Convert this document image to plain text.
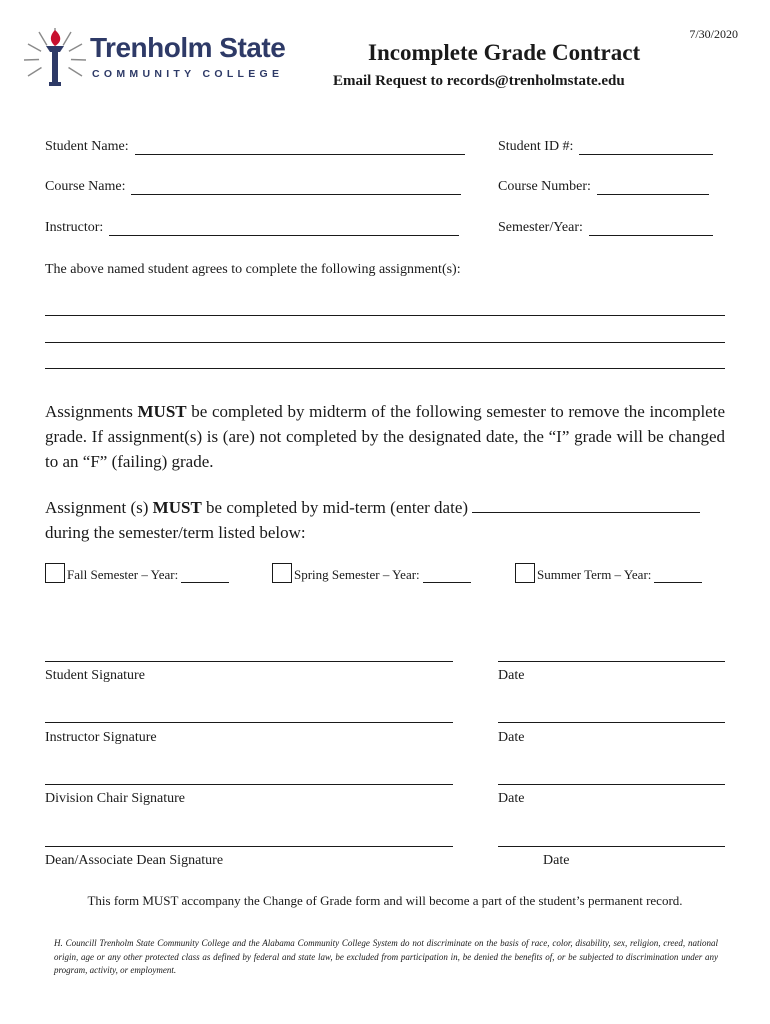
7/30/2020
Trenholm State
COMMUNITY COLLEGE
Incomplete Grade Contract
Email Request to records@trenholmstate.edu
Student Name:	Student ID #:
Course Name:	Course Number:
Instructor:	Semester/Year:
The above named student agrees to complete the following assignment(s):
Assignments MUST be completed by midterm of the following semester to remove the incomplete grade. If assignment(s) is (are) not completed by the designated date, the “I” grade will be changed to an “F” (failing) grade.
Assignment (s) MUST be completed by mid-term (enter date)
during the semester/term listed below:
Fall Semester – Year:	Spring Semester – Year:	Summer Term – Year:
Student Signature	Date
Instructor Signature	Date
Division Chair Signature	Date
Dean/Associate Dean Signature	Date
This form MUST accompany the Change of Grade form and will become a part of the student’s permanent record.
H. Councill Trenholm State Community College and the Alabama Community College System do not discriminate on the basis of race, color, disability, sex, religion, creed, national origin, age or any other protected class as defined by federal and state law, be excluded from participation in, be denied the benefits of, or be subjected to discrimination under any program, activity, or employment.
